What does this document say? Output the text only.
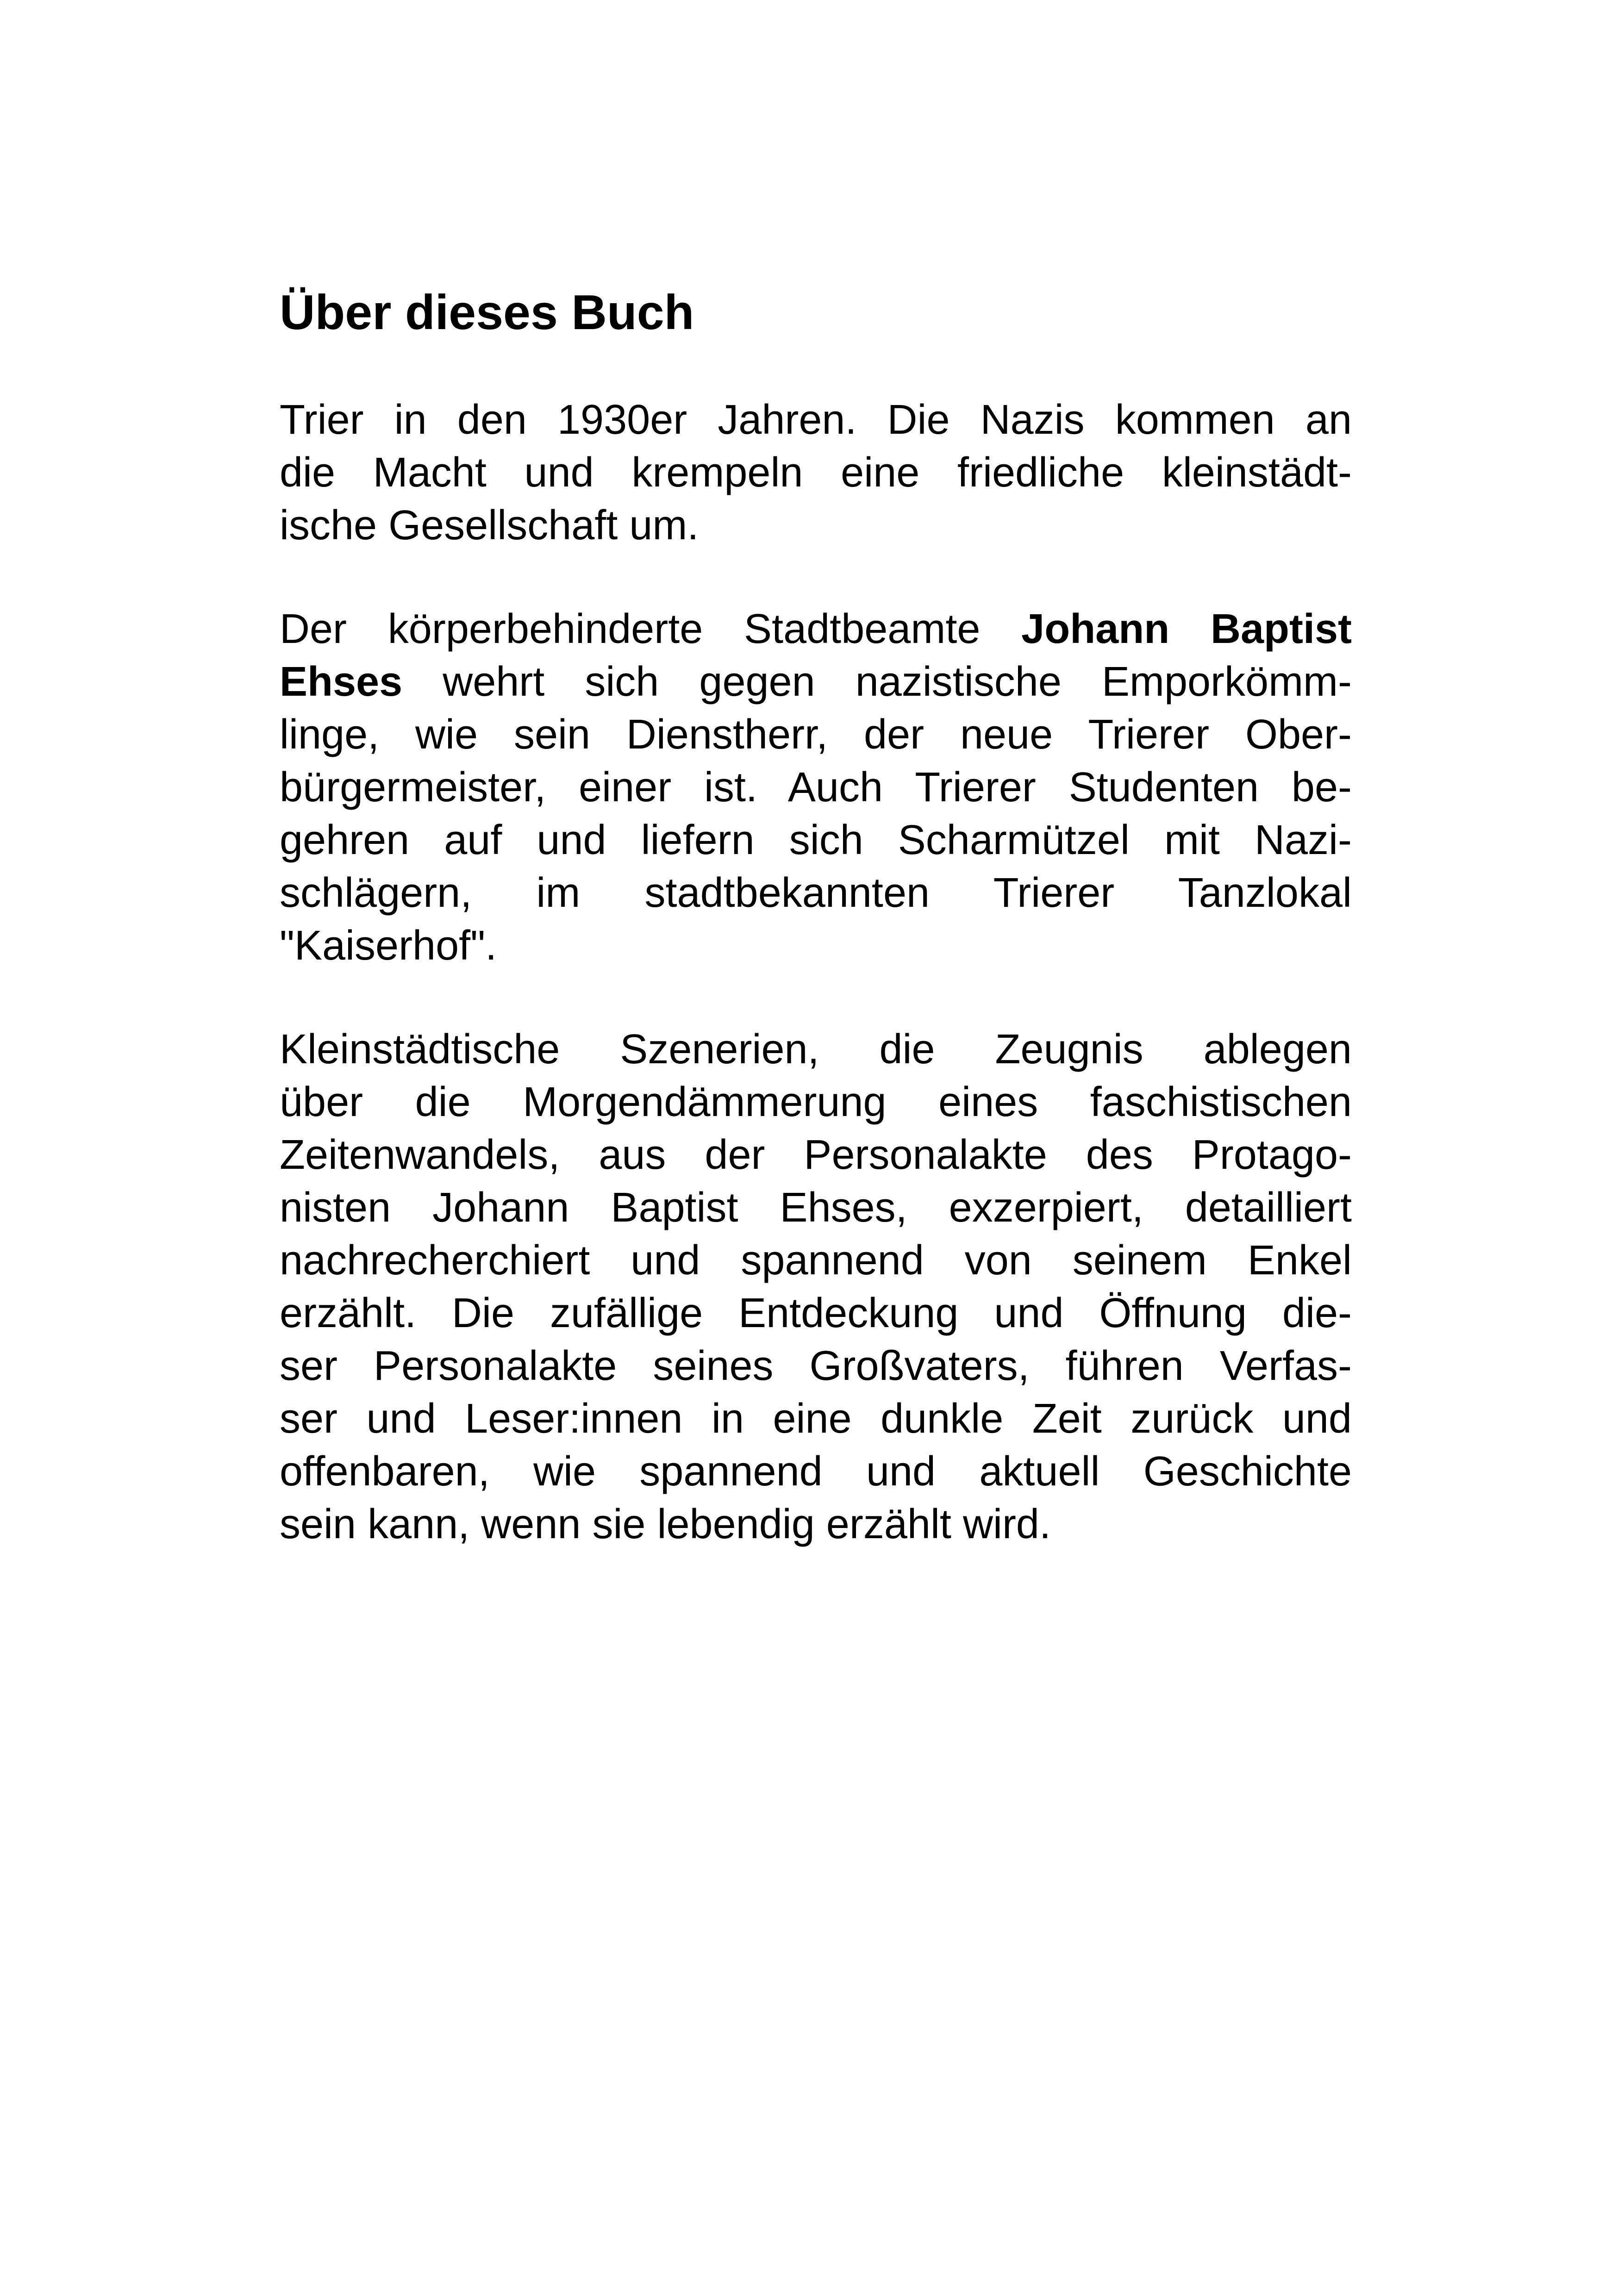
Über dieses Buch
Trier in den 1930er Jahren. Die Nazis kommen an
die Macht und krempeln eine friedliche kleinstädt-
ische Gesellschaft um.
Der körperbehinderte Stadtbeamte Johann Baptist
Ehses wehrt sich gegen nazistische Emporkömm-
linge, wie sein Dienstherr, der neue Trierer Ober-
bürgermeister, einer ist. Auch Trierer Studenten be-
gehren auf und liefern sich Scharmützel mit Nazi-
schlägern, im stadtbekannten Trierer Tanzlokal
"Kaiserhof".
Kleinstädtische Szenerien, die Zeugnis ablegen
über die Morgendämmerung eines faschistischen
Zeitenwandels, aus der Personalakte des Protago-
nisten Johann Baptist Ehses, exzerpiert, detailliert
nachrecherchiert und spannend von seinem Enkel
erzählt. Die zufällige Entdeckung und Öffnung die-
ser Personalakte seines Großvaters, führen Verfas-
ser und Leser:innen in eine dunkle Zeit zurück und
offenbaren, wie spannend und aktuell Geschichte
sein kann, wenn sie lebendig erzählt wird.
